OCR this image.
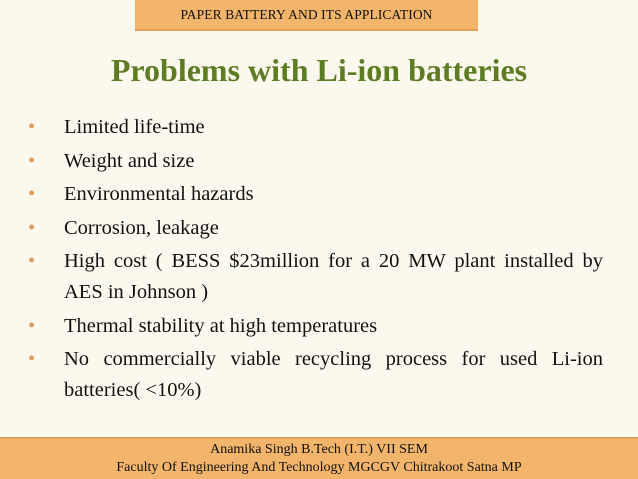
PAPER BATTERY AND ITS APPLICATION
Problems with Li-ion batteries
• Limited life-time
• Weight and size
• Environmental hazards
• Corrosion, leakage
• High cost ( BESS $23million for a 20 MW plant installed by AES in Johnson )
• Thermal stability at high temperatures
• No commercially viable recycling process for used Li-ion batteries( <10%)
Anamika Singh B.Tech (I.T.) VII SEM
Faculty Of Engineering And Technology MGCGV Chitrakoot Satna MP
